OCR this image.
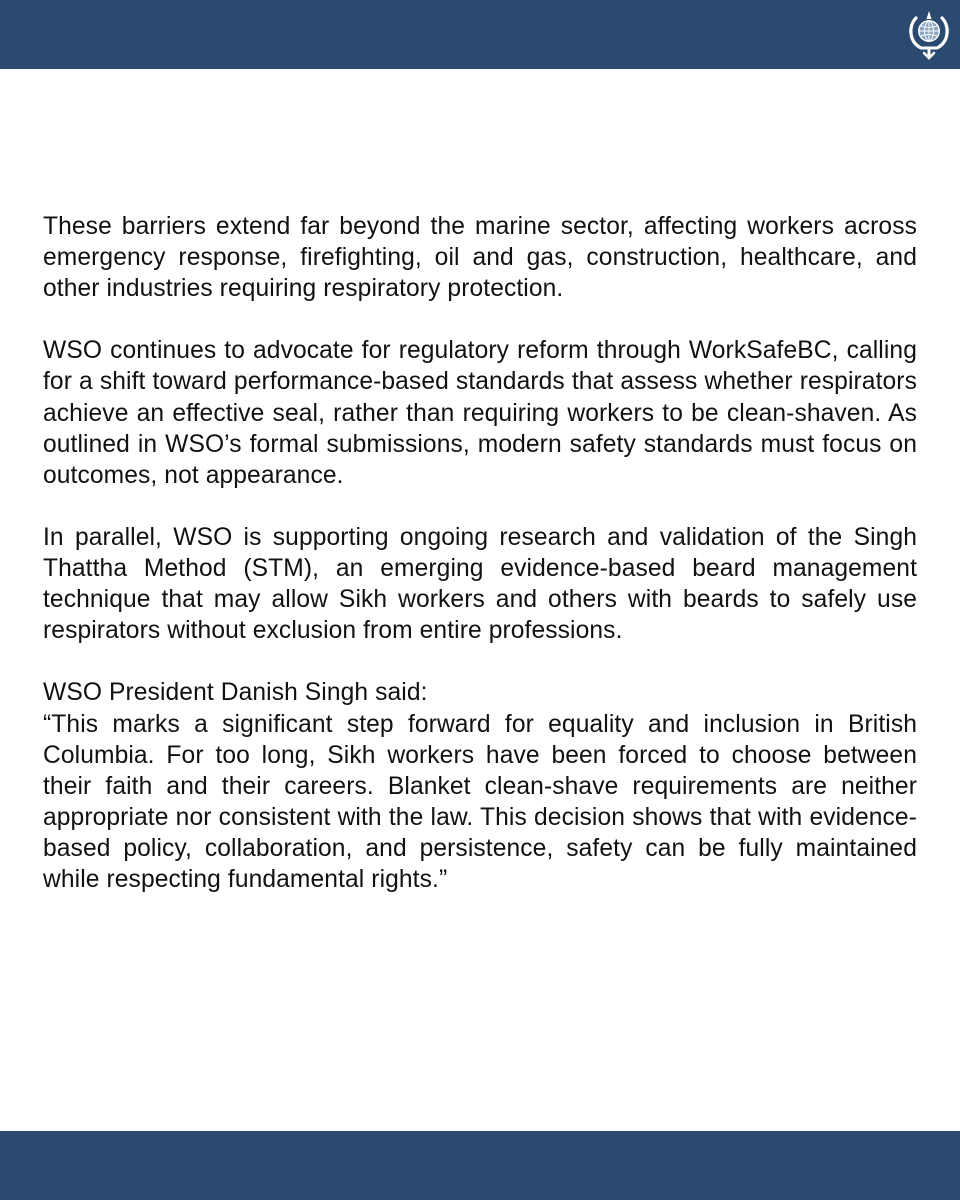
These barriers extend far beyond the marine sector, affecting workers across emergency response, firefighting, oil and gas, construction, healthcare, and other industries requiring respiratory protection.

WSO continues to advocate for regulatory reform through WorkSafeBC, calling for a shift toward performance-based standards that assess whether respirators achieve an effective seal, rather than requiring workers to be clean-shaven. As outlined in WSO’s formal submissions, modern safety standards must focus on outcomes, not appearance.

In parallel, WSO is supporting ongoing research and validation of the Singh Thattha Method (STM), an emerging evidence-based beard management technique that may allow Sikh workers and others with beards to safely use respirators without exclusion from entire professions.

WSO President Danish Singh said:

“This marks a significant step forward for equality and inclusion in British Columbia. For too long, Sikh workers have been forced to choose between their faith and their careers. Blanket clean-shave requirements are neither appropriate nor consistent with the law. This decision shows that with evidence-based policy, collaboration, and persistence, safety can be fully maintained while respecting fundamental rights.”
